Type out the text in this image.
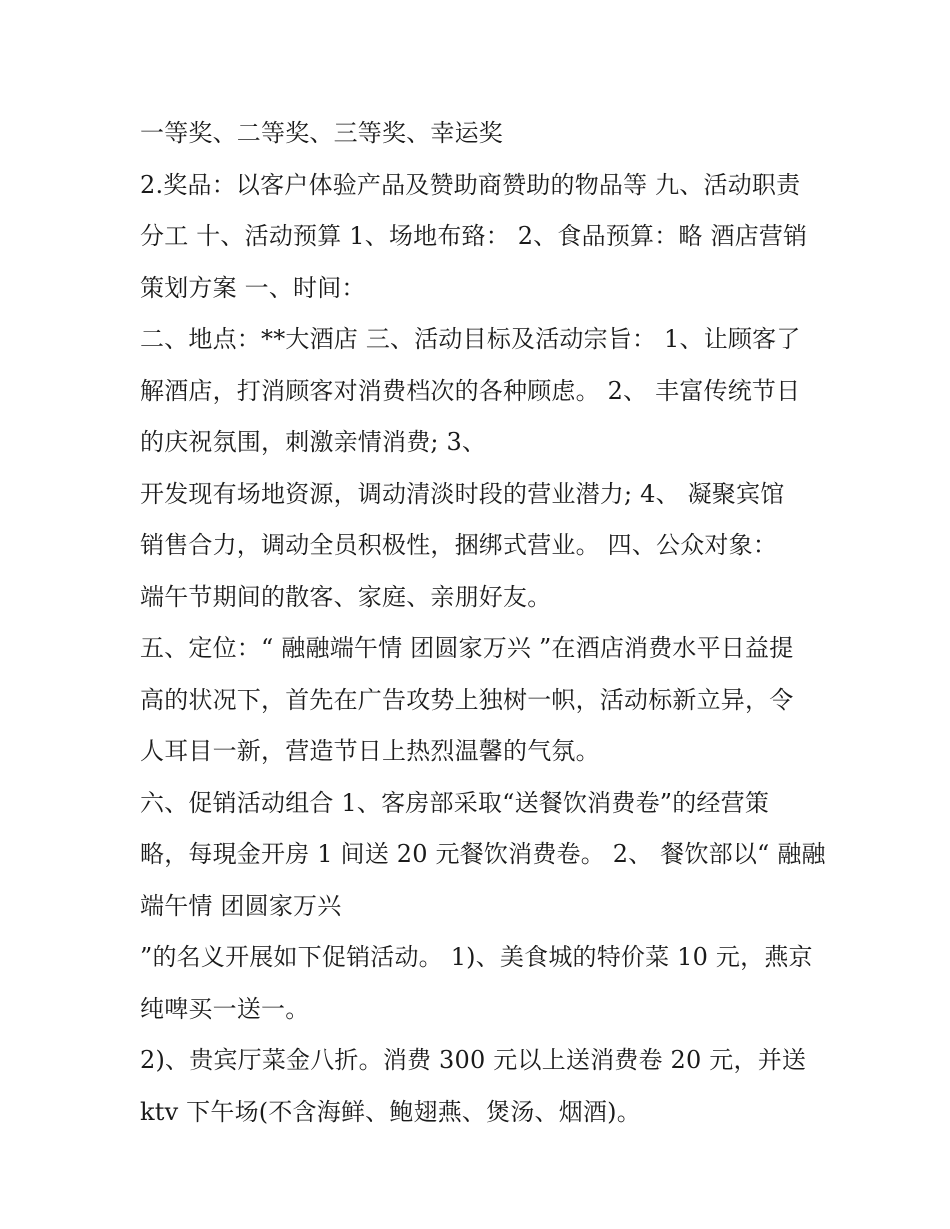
一等奖、二等奖、三等奖、幸运奖
2.奖品：以客户体验产品及赞助商赞助的物品等 九、活动职责
分工 十、活动预算 1、场地布臵： 2、食品预算：略 酒店营销
策划方案 一、时间：
二、地点：**大酒店 三、活动目标及活动宗旨： 1、让顾客了
解酒店，打消顾客对消费档次的各种顾虑。 2、 丰富传统节日
的庆祝氛围，刺激亲情消费; 3、
开发现有场地资源，调动清淡时段的营业潜力; 4、 凝聚宾馆
销售合力，调动全员积极性，捆绑式营业。 四、公众对象：
端午节期间的散客、家庭、亲朋好友。
五、定位：“ 融融端午情 团圆家万兴 ”在酒店消费水平日益提
高的状况下，首先在广告攻势上独树一帜，活动标新立异，令
人耳目一新，营造节日上热烈温馨的气氛。
六、促销活动组合 1、客房部采取“送餐饮消费卷”的经营策
略，每現金开房 1 间送 20 元餐饮消费卷。 2、 餐饮部以“ 融融
端午情 团圆家万兴
”的名义开展如下促销活动。 1)、美食城的特价菜 10 元，燕京
纯啤买一送一。
2)、贵宾厅菜金八折。消费 300 元以上送消费卷 20 元，并送
ktv 下午场(不含海鲜、鲍翅燕、煲汤、烟酒)。
